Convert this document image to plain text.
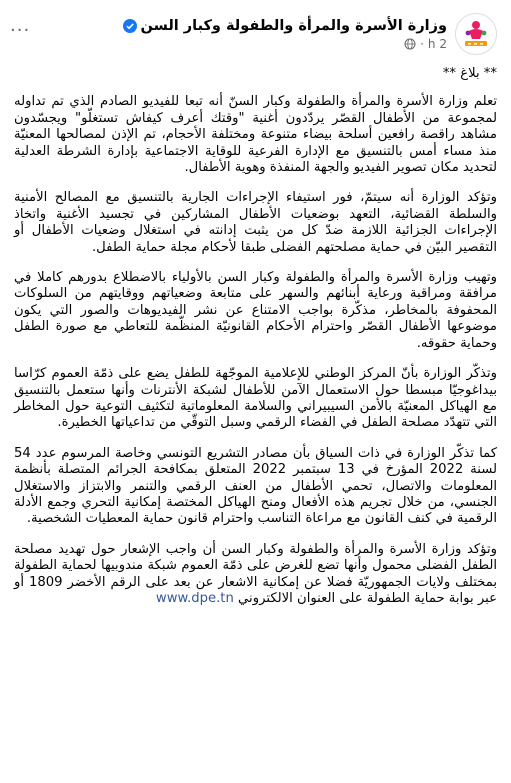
وزارة الأسرة والمرأة والطفولة وكبار السن
2 h
·
···

** بلاغ **

تعلم وزارة الأسرة والمرأة والطفولة وكبار السنّ أنه تبعا للفيديو الصادم الذي تم تداوله لمجموعة من الأطفال القصّر يردّدون أغنية "وقتك أعرف كيفاش تستغلّو" ويجسّدون مشاهد راقصة رافعين أسلحة بيضاء متنوعة ومختلفة الأحجام، تم الإذن لمصالحها المعنيّة منذ مساء أمس بالتنسيق مع الإدارة الفرعية للوقاية الاجتماعية بإدارة الشرطة العدلية لتحديد مكان تصوير الفيديو والجهة المنفذة وهوية الأطفال.

وتؤكد الوزارة أنه سيتمّ، فور استيفاء الإجراءات الجارية بالتنسيق مع المصالح الأمنية والسلطة القضائية، التعهد بوضعيات الأطفال المشاركين في تجسيد الأغنية واتخاذ الإجراءات الجزائية اللازمة ضدّ كل من يثبت إدانته في استغلال وضعيات الأطفال أو التقصير البيّن في حماية مصلحتهم الفضلى طبقا لأحكام مجلة حماية الطفل.

وتهيب وزارة الأسرة والمرأة والطفولة وكبار السن بالأولياء بالاضطلاع بدورهم كاملا في مرافقة ومراقبة ورعاية أبنائهم والسهر على متابعة وضعياتهم ووقايتهم من السلوكات المحفوفة بالمخاطر، مذكّرة بواجب الامتناع عن نشر الفيديوهات والصور التي يكون موضوعها الأطفال القصّر واحترام الأحكام القانونيّة المنظّمة للتعاطي مع صورة الطفل وحماية حقوقه.

وتذكّر الوزارة بأنّ المركز الوطني للإعلامية الموجّهة للطفل يضع على ذمّة العموم كرّاسا بيداغوجيّا مبسطا حول الاستعمال الآمن للأطفال لشبكة الأنترنات وأنها ستعمل بالتنسيق مع الهياكل المعنيّة بالأمن السيبيراني والسلامة المعلوماتية لتكثيف التوعية حول المخاطر التي تتهدّد مصلحة الطفل في الفضاء الرقمي وسبل التوقّي من تداعياتها الخطيرة.

كما تذكّر الوزارة في ذات السياق بأن مصادر التشريع التونسي وخاصة المرسوم عدد 54 لسنة 2022 المؤرخ في 13 سبتمبر 2022 المتعلق بمكافحة الجرائم المتصلة بأنظمة المعلومات والاتصال، تحمي الأطفال من العنف الرقمي والتنمر والابتزاز والاستغلال الجنسي، من خلال تجريم هذه الأفعال ومنح الهياكل المختصة إمكانية التحري وجمع الأدلة الرقمية في كنف القانون مع مراعاة التناسب واحترام قانون حماية المعطيات الشخصية.

وتؤكد وزارة الأسرة والمرأة والطفولة وكبار السن أن واجب الإشعار حول تهديد مصلحة الطفل الفضلى محمول وأنها تضع للغرض على ذمّة العموم شبكة مندوبيها لحماية الطفولة بمختلف ولايات الجمهوريّة فضلا عن إمكانية الاشعار عن بعد على الرقم الأخضر 1809 أو عبر بوابة حماية الطفولة على العنوان الالكتروني www.dpe.tn
